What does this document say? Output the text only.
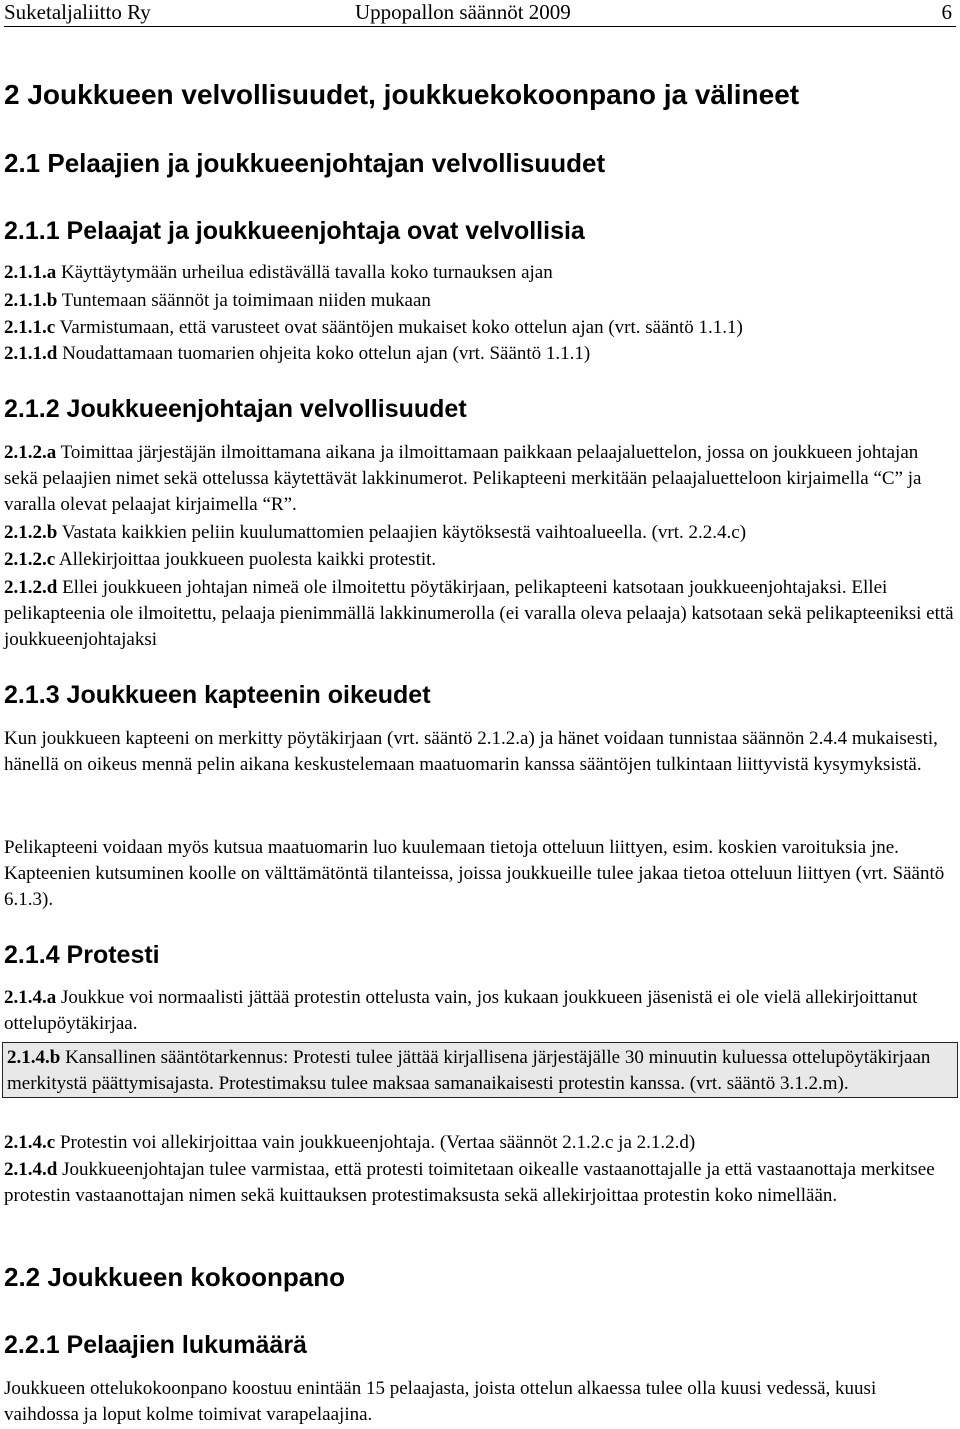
Suketaljaliitto Ry	Uppopallon säännöt 2009	6
2 Joukkueen velvollisuudet, joukkuekokoonpano ja välineet
2.1 Pelaajien ja joukkueenjohtajan velvollisuudet
2.1.1 Pelaajat ja joukkueenjohtaja ovat velvollisia

2.1.1.a Käyttäytymään urheilua edistävällä tavalla koko turnauksen ajan

2.1.1.b Tuntemaan säännöt ja toimimaan niiden mukaan

2.1.1.c Varmistumaan, että varusteet ovat sääntöjen mukaiset koko ottelun ajan (vrt. sääntö 1.1.1)

2.1.1.d Noudattamaan tuomarien ohjeita koko ottelun ajan (vrt. Sääntö 1.1.1)

2.1.2 Joukkueenjohtajan velvollisuudet

2.1.2.a Toimittaa järjestäjän ilmoittamana aikana ja ilmoittamaan paikkaan pelaajaluettelon, jossa on joukkueen johtajan sekä pelaajien nimet sekä ottelussa käytettävät lakkinumerot. Pelikapteeni merkitään pelaajaluetteloon kirjaimella “C” ja varalla olevat pelaajat kirjaimella “R”.

2.1.2.b Vastata kaikkien peliin kuulumattomien pelaajien käytöksestä vaihtoalueella. (vrt. 2.2.4.c)

2.1.2.c Allekirjoittaa joukkueen puolesta kaikki protestit.

2.1.2.d Ellei joukkueen johtajan nimeä ole ilmoitettu pöytäkirjaan, pelikapteeni katsotaan joukkueenjohtajaksi. Ellei pelikapteenia ole ilmoitettu, pelaaja pienimmällä lakkinumerolla (ei varalla oleva pelaaja) katsotaan sekä pelikapteeniksi että joukkueenjohtajaksi

2.1.3 Joukkueen kapteenin oikeudet

Kun joukkueen kapteeni on merkitty pöytäkirjaan (vrt. sääntö 2.1.2.a) ja hänet voidaan tunnistaa säännön 2.4.4 mukaisesti, hänellä on oikeus mennä pelin aikana keskustelemaan maatuomarin kanssa sääntöjen tulkintaan liittyvistä kysymyksistä.

Pelikapteeni voidaan myös kutsua maatuomarin luo kuulemaan tietoja otteluun liittyen, esim. koskien varoituksia jne. Kapteenien kutsuminen koolle on välttämätöntä tilanteissa, joissa joukkueille tulee jakaa tietoa otteluun liittyen (vrt. Sääntö 6.1.3).

2.1.4 Protesti

2.1.4.a Joukkue voi normaalisti jättää protestin ottelusta vain, jos kukaan joukkueen jäsenistä ei ole vielä allekirjoittanut ottelupöytäkirjaa.

2.1.4.b Kansallinen sääntötarkennus: Protesti tulee jättää kirjallisena järjestäjälle 30 minuutin kuluessa ottelupöytäkirjaan merkitystä päättymisajasta. Protestimaksu tulee maksaa samanaikaisesti protestin kanssa. (vrt. sääntö 3.1.2.m).

2.1.4.c Protestin voi allekirjoittaa vain joukkueenjohtaja. (Vertaa säännöt 2.1.2.c ja 2.1.2.d)

2.1.4.d Joukkueenjohtajan tulee varmistaa, että protesti toimitetaan oikealle vastaanottajalle ja että vastaanottaja merkitsee protestin vastaanottajan nimen sekä kuittauksen protestimaksusta sekä allekirjoittaa protestin koko nimellään.

2.2 Joukkueen kokoonpano
2.2.1 Pelaajien lukumäärä

Joukkueen ottelukokoonpano koostuu enintään 15 pelaajasta, joista ottelun alkaessa tulee olla kuusi vedessä, kuusi vaihdossa ja loput kolme toimivat varapelaajina.
